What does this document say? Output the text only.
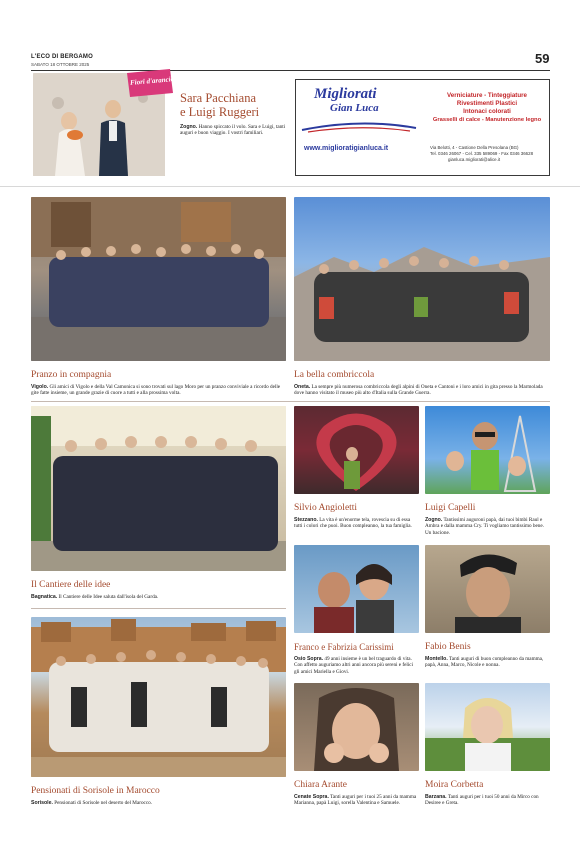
L'ECO DI BERGAMO
SABATO 18 OTTOBRE 2025	59
Fiori d'arancio
Sara Pacchiana
e Luigi Ruggeri
Zogno. Hanno spiccato il volo. Sara e Luigi, tanti auguri e buon viaggio. I vostri familiari.
Migliorati
Gian Luca
www.miglioratigianluca.it
Verniciature - Tinteggiature
Rivestimenti Plastici
Intonaci colorati
Grasselli di calce - Manutenzione legno
Via Belotti, 4 - Castione Della Presolana (BG)
Tel. 0346 26067 - Cel. 335 589069 - Fax 0346 36628
gianluca.migliorati@alice.it
Pranzo in compagnia
Vigolo. Gli amici di Vigolo e della Val Camonica si sono trovati sul lago Moro per un pranzo conviviale a ricordo delle gite fatte insieme, un grande grazie di cuore a tutti e alla prossima volta.
La bella combriccola
Oneta. La sempre più numerosa combriccola degli alpini di Oneta e Cantoni e i loro amici in gita presso la Marmolada dove hanno visitato il museo più alto d'Italia sulla Grande Guerra.
Il Cantiere delle idee
Bagnatica. Il Cantiere delle Idee saluta dall'isola del Garda.
Silvio Angioletti
Stezzano. La vita è un'enorme tela, rovescia su di essa tutti i colori che puoi. Buon compleanno, la tua famiglia.
Luigi Capelli
Zogno. Tantissimi auguroni papà, dai tuoi bimbi Raul e Ambra e dalla mamma Cry. Ti vogliamo tantissimo bene. Un bacione.
Franco e Fabrizia Carissimi
Osio Sopra. 49 anni insieme è un bel traguardo di vita. Con affetto auguriamo altri anni ancora più sereni e felici gli amici Mariella e Giovi.
Fabio Benis
Montello. Tanti auguri di buon compleanno da mamma, papà, Anna, Marco, Nicole e nonna.
Pensionati di Sorisole in Marocco
Sorisole. Pensionati di Sorisole nel deserto del Marocco.
Chiara Arante
Cenate Sopra. Tanti auguri per i tuoi 25 anni da mamma Marianna, papà Luigi, sorella Valentina e Samuele.
Moira Corbetta
Barzana. Tanti auguri per i tuoi 50 anni da Mirco con Desiree e Greta.
